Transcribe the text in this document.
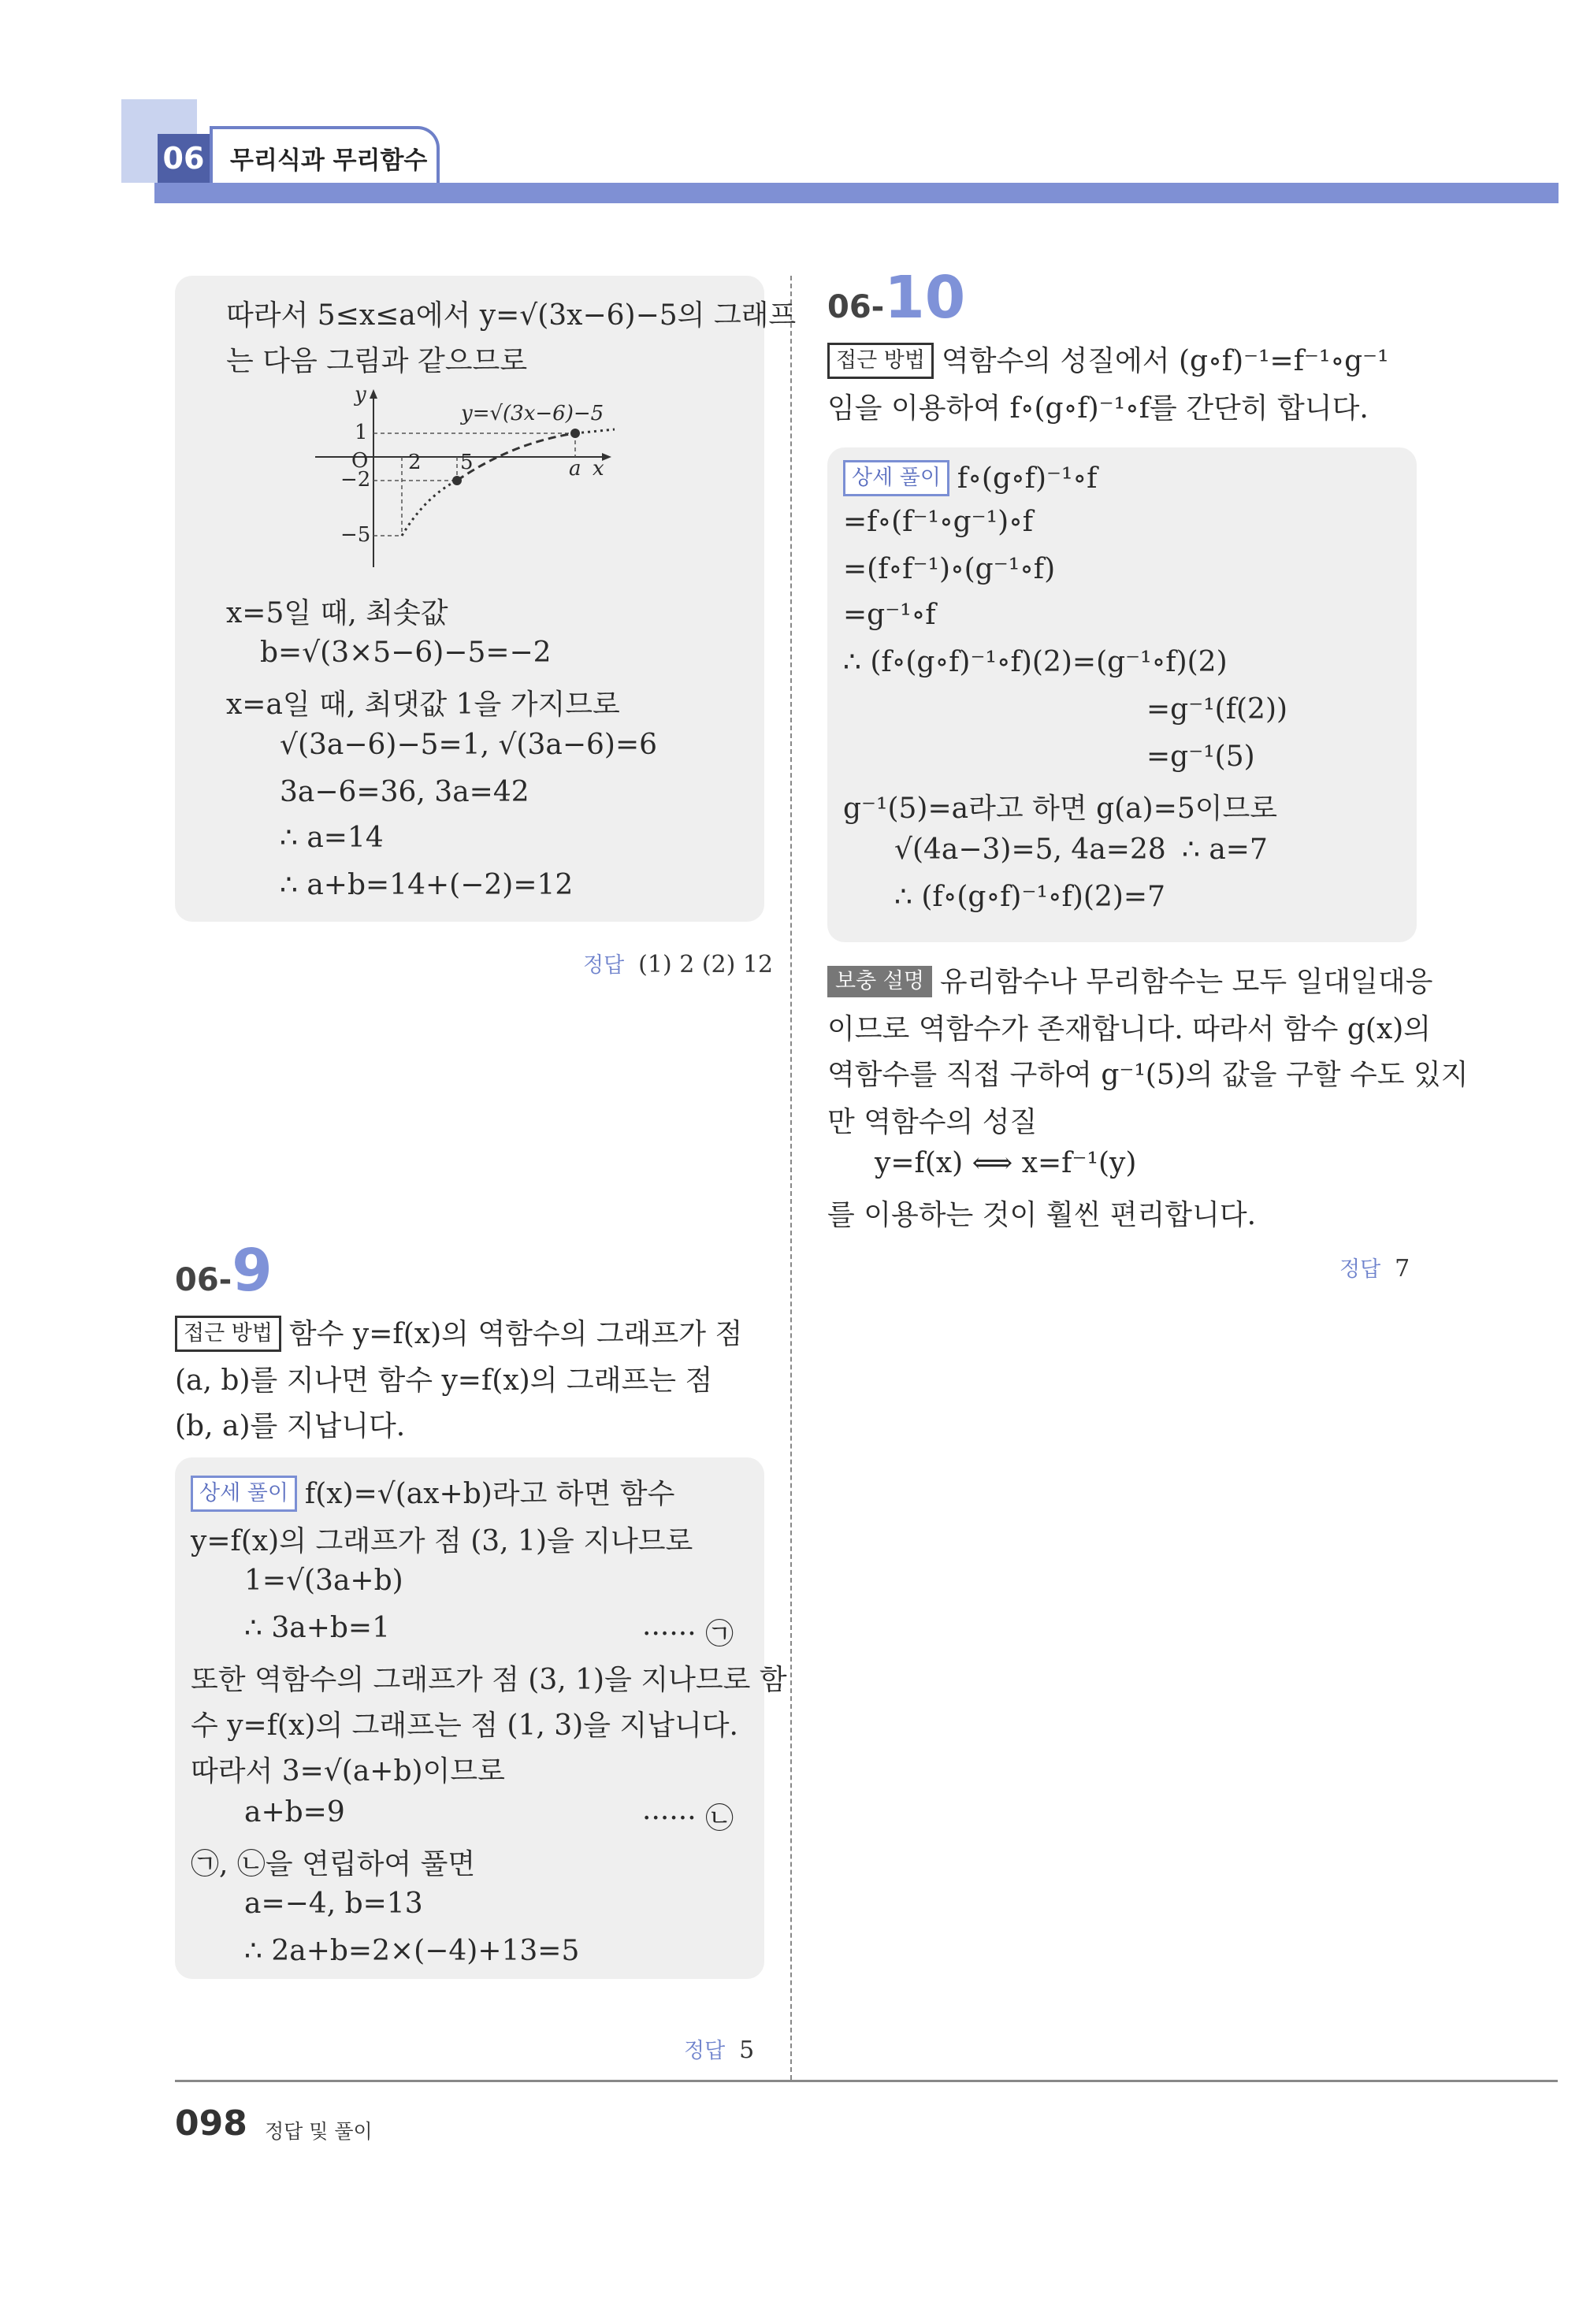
06 무리식과 무리함수
따라서 5≤x≤a에서 y=√(3x−6)−5의 그래프
는 다음 그림과 같으므로
y=√(3x−6)−5
y
x
O
1
−2
−5
2 5	a
x=5일 때, 최솟값
b=√(3×5−6)−5=−2
x=a일 때, 최댓값 1을 가지므로
√(3a−6)−5=1, √(3a−6)=6
3a−6=36, 3a=42
∴ a=14
∴ a+b=14+(−2)=12
정답 (1) 2 (2) 12
06-9
접근 방법 함수 y=f(x)의 역함수의 그래프가 점
(a, b)를 지나면 함수 y=f(x)의 그래프는 점
(b, a)를 지납니다.
상세 풀이 f(x)=√(ax+b)라고 하면 함수
y=f(x)의 그래프가 점 (3, 1)을 지나므로
1=√(3a+b)
∴ 3a+b=1	······ ㉠
또한 역함수의 그래프가 점 (3, 1)을 지나므로 함
수 y=f(x)의 그래프는 점 (1, 3)을 지납니다.
따라서 3=√(a+b)이므로
a+b=9	······ ㉡
㉠, ㉡을 연립하여 풀면
a=−4, b=13
∴ 2a+b=2×(−4)+13=5
정답 5
06-10
접근 방법 역함수의 성질에서 (g∘f)⁻¹=f⁻¹∘g⁻¹
임을 이용하여 f∘(g∘f)⁻¹∘f를 간단히 합니다.
상세 풀이 f∘(g∘f)⁻¹∘f
=f∘(f⁻¹∘g⁻¹)∘f
=(f∘f⁻¹)∘(g⁻¹∘f)
=g⁻¹∘f
∴ (f∘(g∘f)⁻¹∘f)(2)=(g⁻¹∘f)(2)
=g⁻¹(f(2))
=g⁻¹(5)
g⁻¹(5)=a라고 하면 g(a)=5이므로
√(4a−3)=5, 4a=28 ∴ a=7
∴ (f∘(g∘f)⁻¹∘f)(2)=7
보충 설명 유리함수나 무리함수는 모두 일대일대응
이므로 역함수가 존재합니다. 따라서 함수 g(x)의
역함수를 직접 구하여 g⁻¹(5)의 값을 구할 수도 있지
만 역함수의 성질
y=f(x) ⟺ x=f⁻¹(y)
를 이용하는 것이 훨씬 편리합니다.
정답 7
098 정답 및 풀이
